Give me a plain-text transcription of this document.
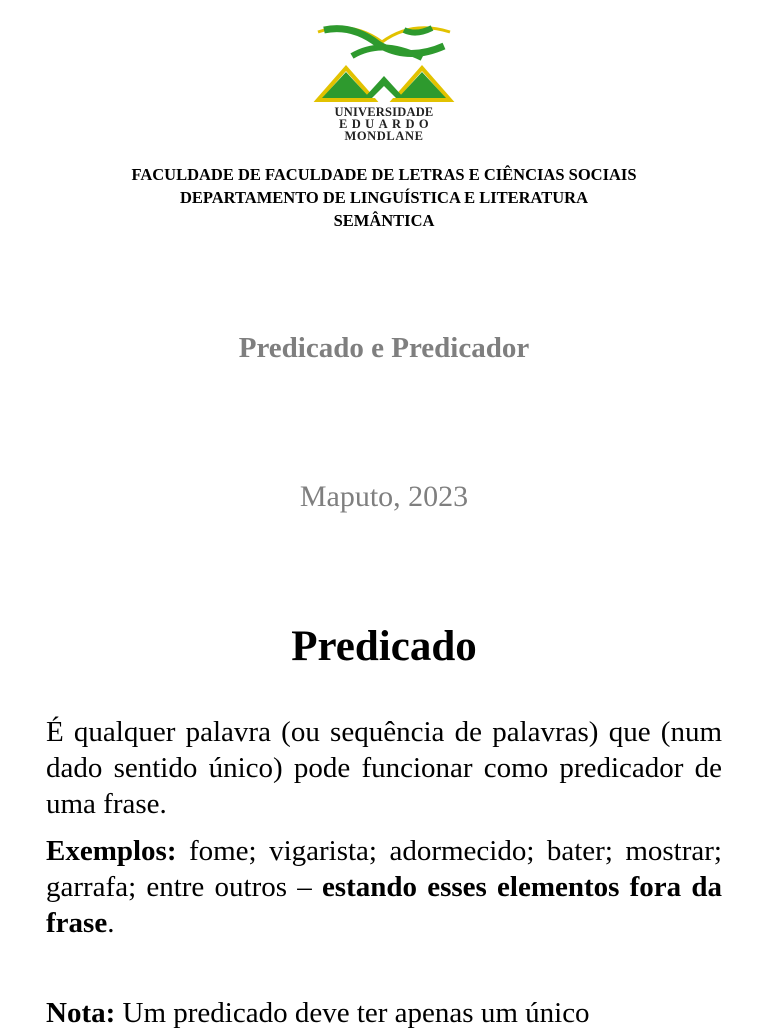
UNIVERSIDADE
EDUARDO
MONDLANE
FACULDADE DE FACULDADE DE LETRAS E CIÊNCIAS SOCIAIS
DEPARTAMENTO DE LINGUÍSTICA E LITERATURA
SEMÂNTICA
Predicado e Predicador
Maputo, 2023
Predicado

É qualquer palavra (ou sequência de palavras) que (num dado sentido único) pode funcionar como predicador de uma frase.

Exemplos: fome; vigarista; adormecido; bater; mostrar; garrafa; entre outros – estando esses elementos fora da frase.

Nota: Um predicado deve ter apenas um único
